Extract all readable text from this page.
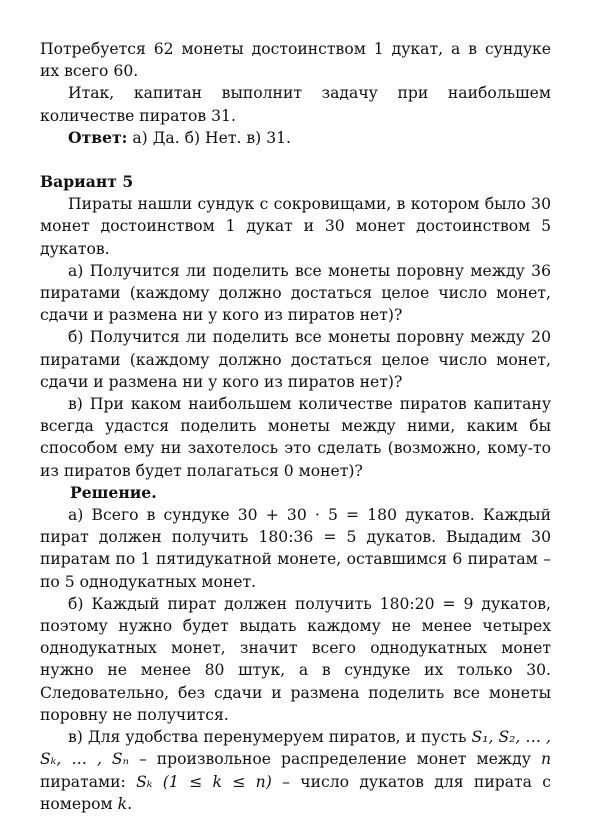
Потребуется 62 монеты достоинством 1 дукат, а в сундуке их всего 60.

Итак, капитан выполнит задачу при наибольшем количестве пиратов 31.

Ответ: а) Да. б) Нет. в) 31.

Вариант 5

Пираты нашли сундук с сокровищами, в котором было 30 монет достоинством 1 дукат и 30 монет достоинством 5 дукатов.

а) Получится ли поделить все монеты поровну между 36 пиратами (каждому должно достаться целое число монет, сдачи и размена ни у кого из пиратов нет)?

б) Получится ли поделить все монеты поровну между 20 пиратами (каждому должно достаться целое число монет, сдачи и размена ни у кого из пиратов нет)?

в) При каком наибольшем количестве пиратов капитану всегда удастся поделить монеты между ними, каким бы способом ему ни захотелось это сделать (возможно, кому-то из пиратов будет полагаться 0 монет)?

Решение.

а) Всего в сундуке 30 + 30 · 5 = 180 дукатов. Каждый пират должен получить 180:36 = 5 дукатов. Выдадим 30 пиратам по 1 пятидукатной монете, оставшимся 6 пиратам – по 5 однодукатных монет.

б) Каждый пират должен получить 180:20 = 9 дукатов, поэтому нужно будет выдать каждому не менее четырех однодукатных монет, значит всего однодукатных монет нужно не менее 80 штук, а в сундуке их только 30. Следовательно, без сдачи и размена поделить все монеты поровну не получится.

в) Для удобства перенумеруем пиратов, и пусть S₁, S₂, … , Sₖ, … , Sₙ – произвольное распределение монет между n пиратами: Sₖ (1 ≤ k ≤ n) – число дукатов для пирата с номером k.
